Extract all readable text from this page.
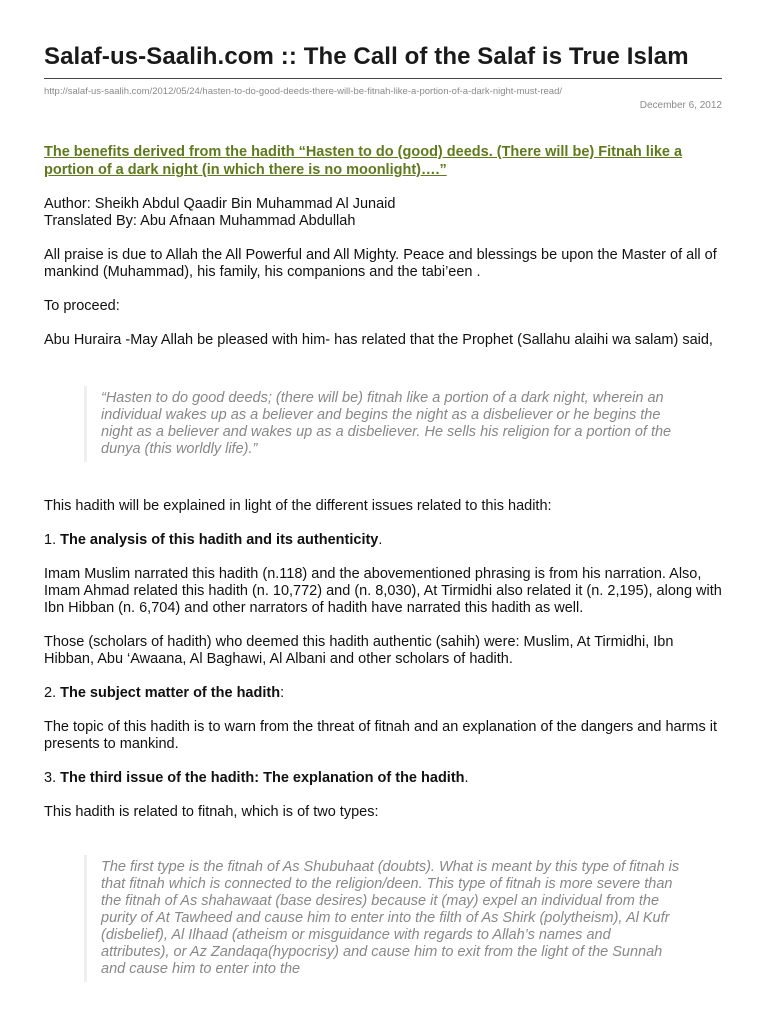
Salaf-us-Saalih.com :: The Call of the Salaf is True Islam
http://salaf-us-saalih.com/2012/05/24/hasten-to-do-good-deeds-there-will-be-fitnah-like-a-portion-of-a-dark-night-must-read/
December 6, 2012
The benefits derived from the hadith “Hasten to do (good) deeds. (There will be) Fitnah like a portion of a dark night (in which there is no moonlight)….”

Author: Sheikh Abdul Qaadir Bin Muhammad Al Junaid

Translated By: Abu Afnaan Muhammad Abdullah

All praise is due to Allah the All Powerful and All Mighty. Peace and blessings be upon the Master of all of mankind (Muhammad), his family, his companions and the tabi’een .

To proceed:

Abu Huraira -May Allah be pleased with him- has related that the Prophet (Sallahu alaihi wa salam) said,

“Hasten to do good deeds; (there will be) fitnah like a portion of a dark night, wherein an individual wakes up as a believer and begins the night as a disbeliever or he begins the night as a believer and wakes up as a disbeliever. He sells his religion for a portion of the dunya (this worldly life).”

This hadith will be explained in light of the different issues related to this hadith:

1. The analysis of this hadith and its authenticity.

Imam Muslim narrated this hadith (n.118) and the abovementioned phrasing is from his narration. Also, Imam Ahmad related this hadith (n. 10,772) and (n. 8,030), At Tirmidhi also related it (n. 2,195), along with Ibn Hibban (n. 6,704) and other narrators of hadith have narrated this hadith as well.

Those (scholars of hadith) who deemed this hadith authentic (sahih) were: Muslim, At Tirmidhi, Ibn Hibban, Abu ‘Awaana, Al Baghawi, Al Albani and other scholars of hadith.

2. The subject matter of the hadith:

The topic of this hadith is to warn from the threat of fitnah and an explanation of the dangers and harms it presents to mankind.

3. The third issue of the hadith: The explanation of the hadith.

This hadith is related to fitnah, which is of two types:

The first type is the fitnah of As Shubuhaat (doubts). What is meant by this type of fitnah is that fitnah which is connected to the religion/deen. This type of fitnah is more severe than the fitnah of As shahawaat (base desires) because it (may) expel an individual from the purity of At Tawheed and cause him to enter into the filth of As Shirk (polytheism), Al Kufr (disbelief), Al Ilhaad (atheism or misguidance with regards to Allah’s names and attributes), or Az Zandaqa(hypocrisy) and cause him to exit from the light of the Sunnah and cause him to enter into the
